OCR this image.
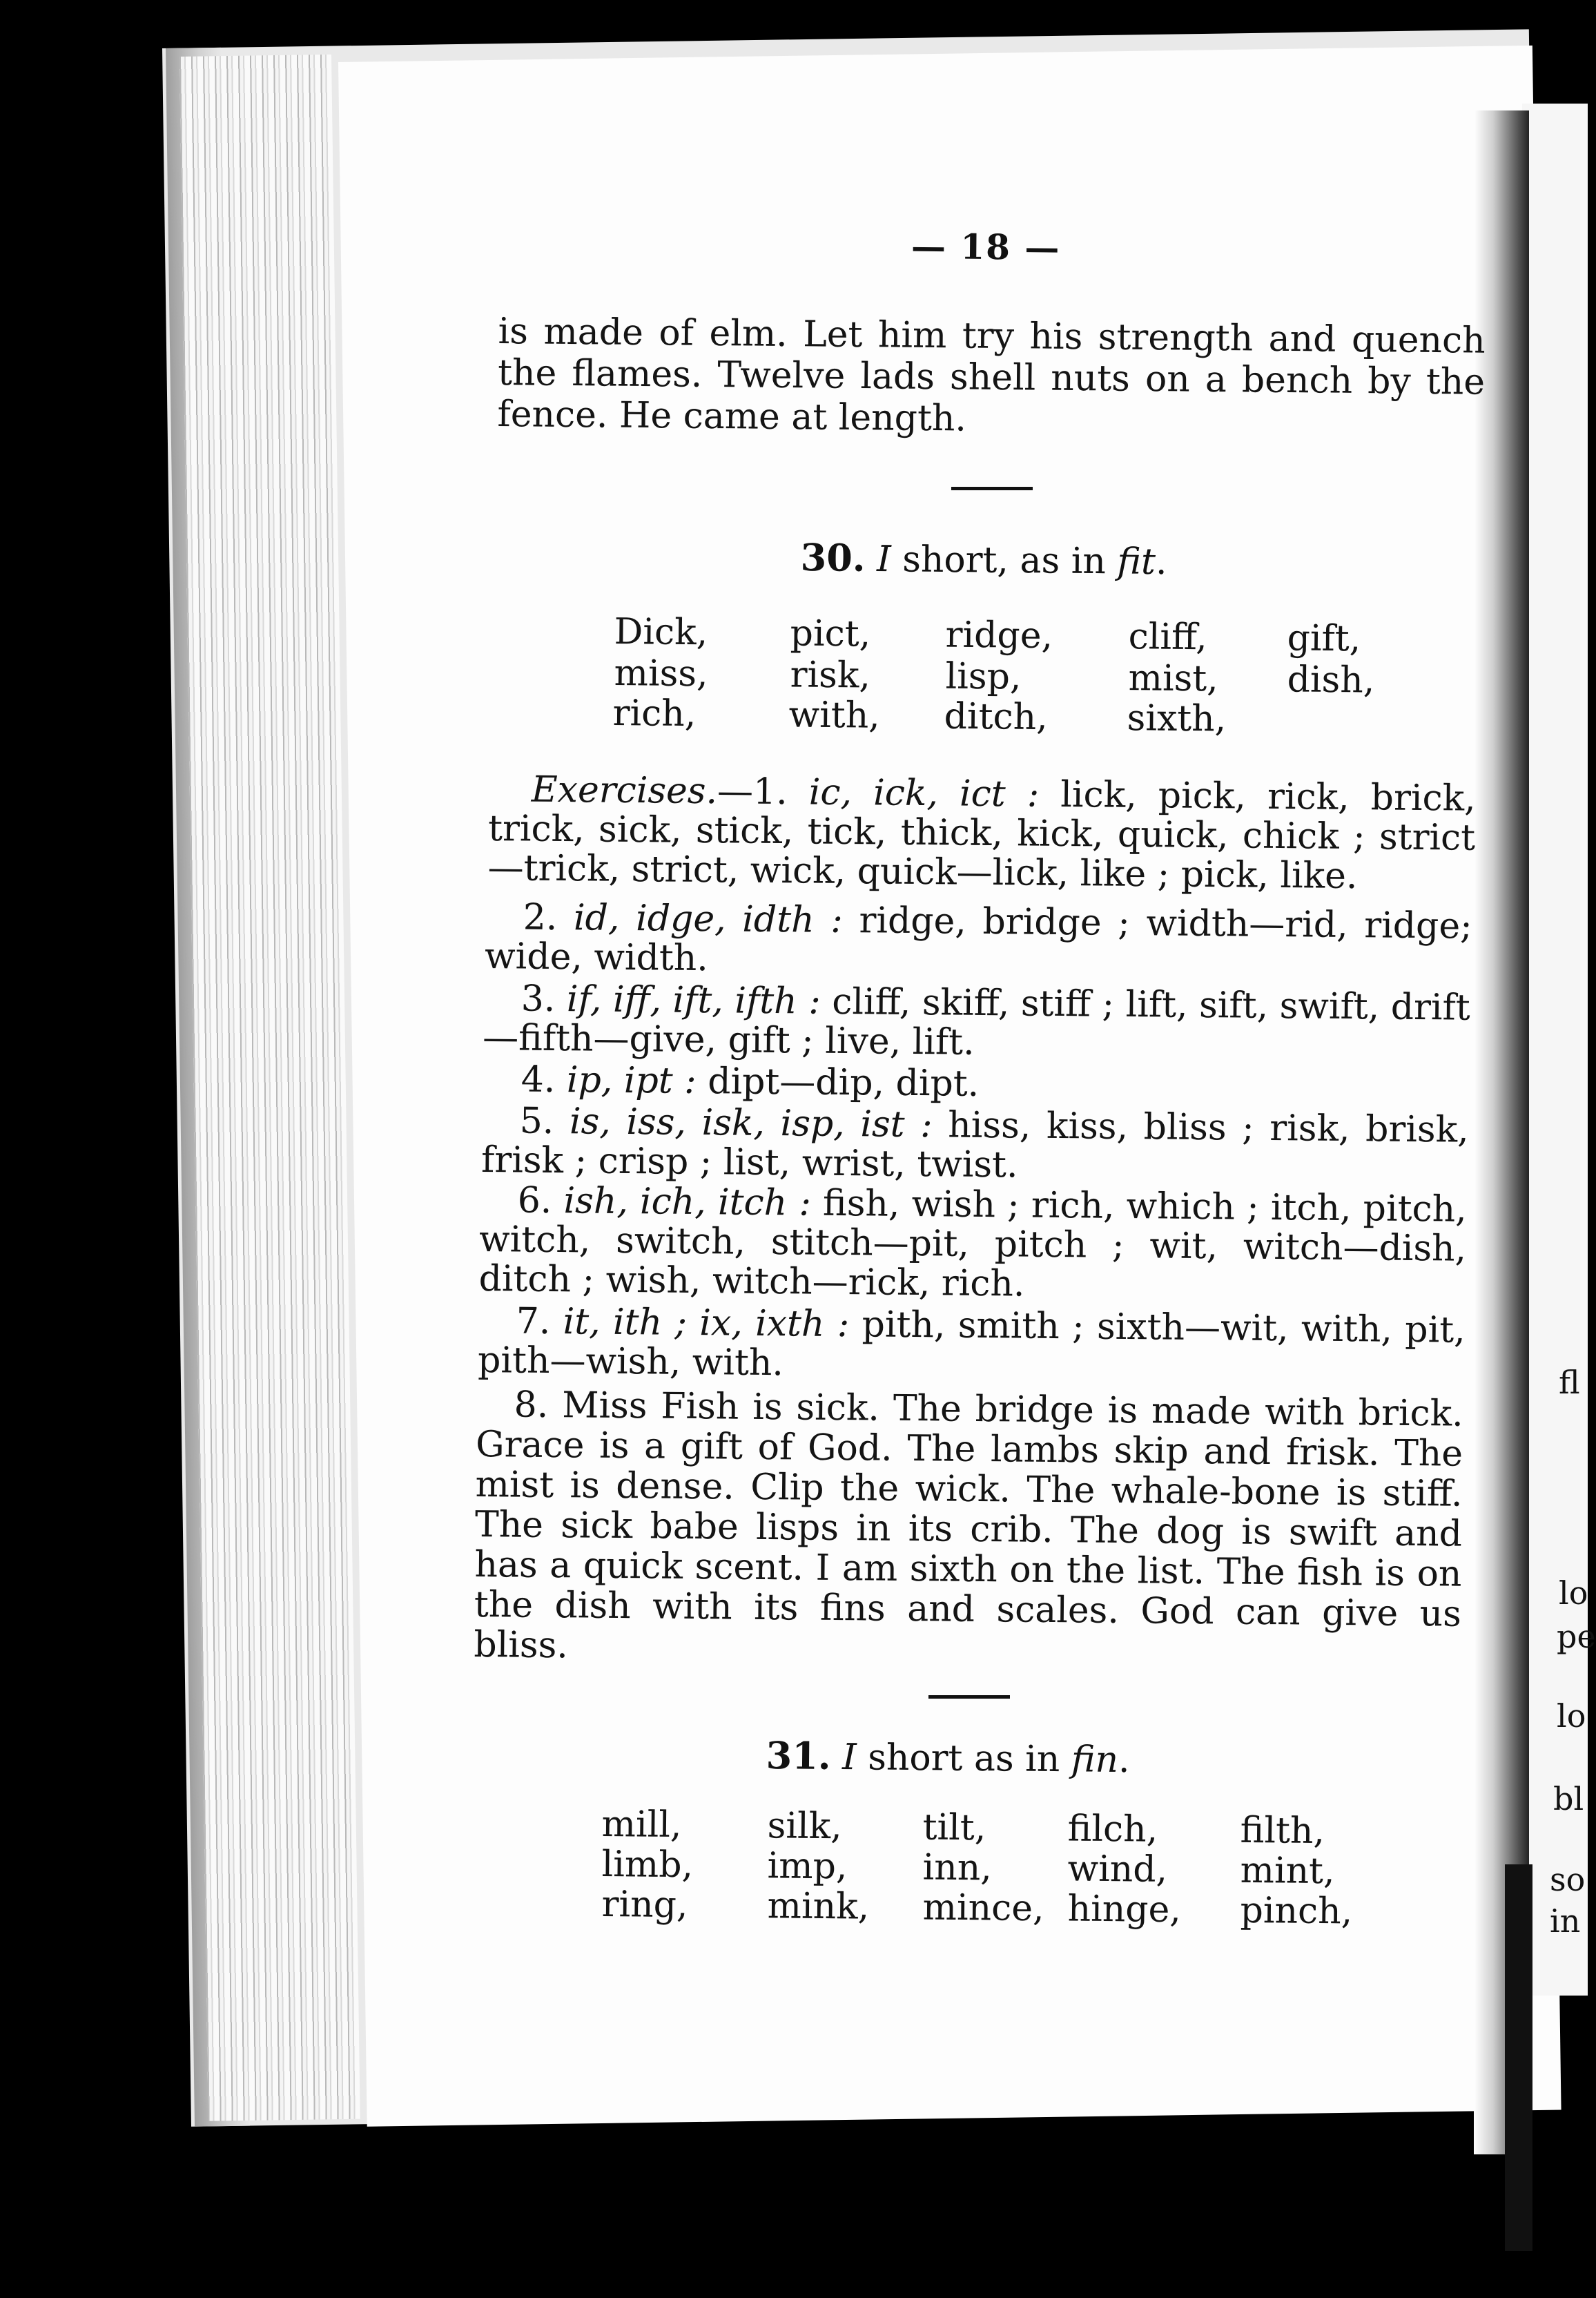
— 18 —
is made of elm. Let him try his strength and quench the flames. Twelve lads shell nuts on a bench by the fence. He came at length.
30. I short, as in fit.
Dick, pict, ridge, cliff, gift,
miss, risk, lisp,	mist, dish,
rich,	with, ditch, sixth,
Exercises.—1. ic, ick, ict : lick, pick, rick, brick, trick, sick, stick, tick, thick, kick, quick, chick ; strict—trick, strict, wick, quick—lick, like ; pick, like.
2. id, idge, idth : ridge, bridge ; width—rid, ridge; wide, width.
3. if, iff, ift, ifth : cliff, skiff, stiff ; lift, sift, swift, drift—fifth—give, gift ; live, lift.
4. ip, ipt : dipt—dip, dipt.
5. is, iss, isk, isp, ist : hiss, kiss, bliss ; risk, brisk, frisk ; crisp ; list, wrist, twist.
6. ish, ich, itch : fish, wish ; rich, which ; itch, pitch, witch, switch, stitch—pit, pitch ; wit, witch—dish, ditch ; wish, witch—rick, rich.
7. it, ith ; ix, ixth : pith, smith ; sixth—wit, with, pit, pith—wish, with.
8. Miss Fish is sick. The bridge is made with brick. Grace is a gift of God. The lambs skip and frisk. The mist is dense. Clip the wick. The whale-bone is stiff. The sick babe lisps in its crib. The dog is swift and has a quick scent. I am sixth on the list. The fish is on the dish with its fins and scales. God can give us bliss.
31. I short as in fin.
mill, silk, tilt, filch, filth,
limb, imp, inn, wind, mint,
ring, mink, mince, hinge, pinch,
fl
lo
pe
lo
bl
so
in
